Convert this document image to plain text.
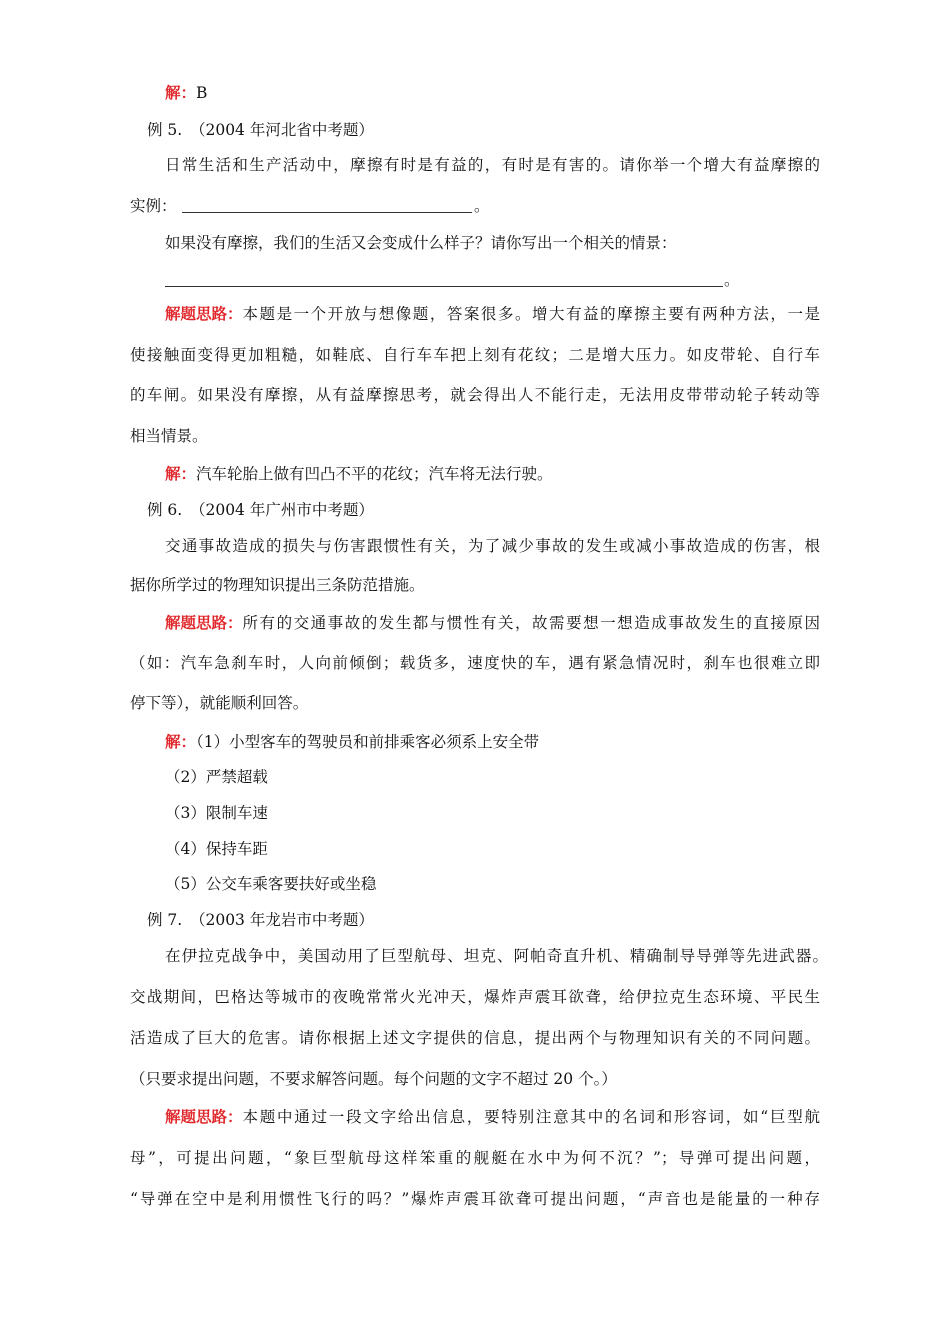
解：B
例 5.　（2004 年河北省中考题）
日常生活和生产活动中，摩擦有时是有益的，有时是有害的。请你举一个增大有益摩擦的
实例：	。
如果没有摩擦，我们的生活又会变成什么样子？请你写出一个相关的情景：
。
解题思路： 本题是一个开放与想像题，答案很多。增大有益的摩擦主要有两种方法，一是
使接触面变得更加粗糙，如鞋底、自行车车把上刻有花纹；二是增大压力。如皮带轮、自行车
的车闸。如果没有摩擦，从有益摩擦思考，就会得出人不能行走，无法用皮带带动轮子转动等
相当情景。
解：汽车轮胎上做有凹凸不平的花纹；汽车将无法行驶。
例 6.　（2004 年广州市中考题）
交通事故造成的损失与伤害跟惯性有关，为了减少事故的发生或减小事故造成的伤害，根
据你所学过的物理知识提出三条防范措施。
解题思路： 所有的交通事故的发生都与惯性有关，故需要想一想造成事故发生的直接原因
（如：汽车急刹车时，人向前倾倒；载货多，速度快的车，遇有紧急情况时，刹车也很难立即
停下等），就能顺利回答。
解：（1）小型客车的驾驶员和前排乘客必须系上安全带
（2）严禁超载
（3）限制车速
（4）保持车距
（5）公交车乘客要扶好或坐稳
例 7.　（2003 年龙岩市中考题）
在伊拉克战争中，美国动用了巨型航母、坦克、阿帕奇直升机、精确制导导弹等先进武器。
交战期间，巴格达等城市的夜晚常常火光冲天，爆炸声震耳欲聋，给伊拉克生态环境、平民生
活造成了巨大的危害。请你根据上述文字提供的信息，提出两个与物理知识有关的不同问题。
（只要求提出问题，不要求解答问题。每个问题的文字不超过 20 个。）
解题思路： 本题中通过一段文字给出信息，要特别注意其中的名词和形容词，如“巨型航
母”，可提出问题，“象巨型航母这样笨重的舰艇在水中为何不沉？”；导弹可提出问题，
“导弹在空中是利用惯性飞行的吗？”爆炸声震耳欲聋可提出问题，“声音也是能量的一种存
